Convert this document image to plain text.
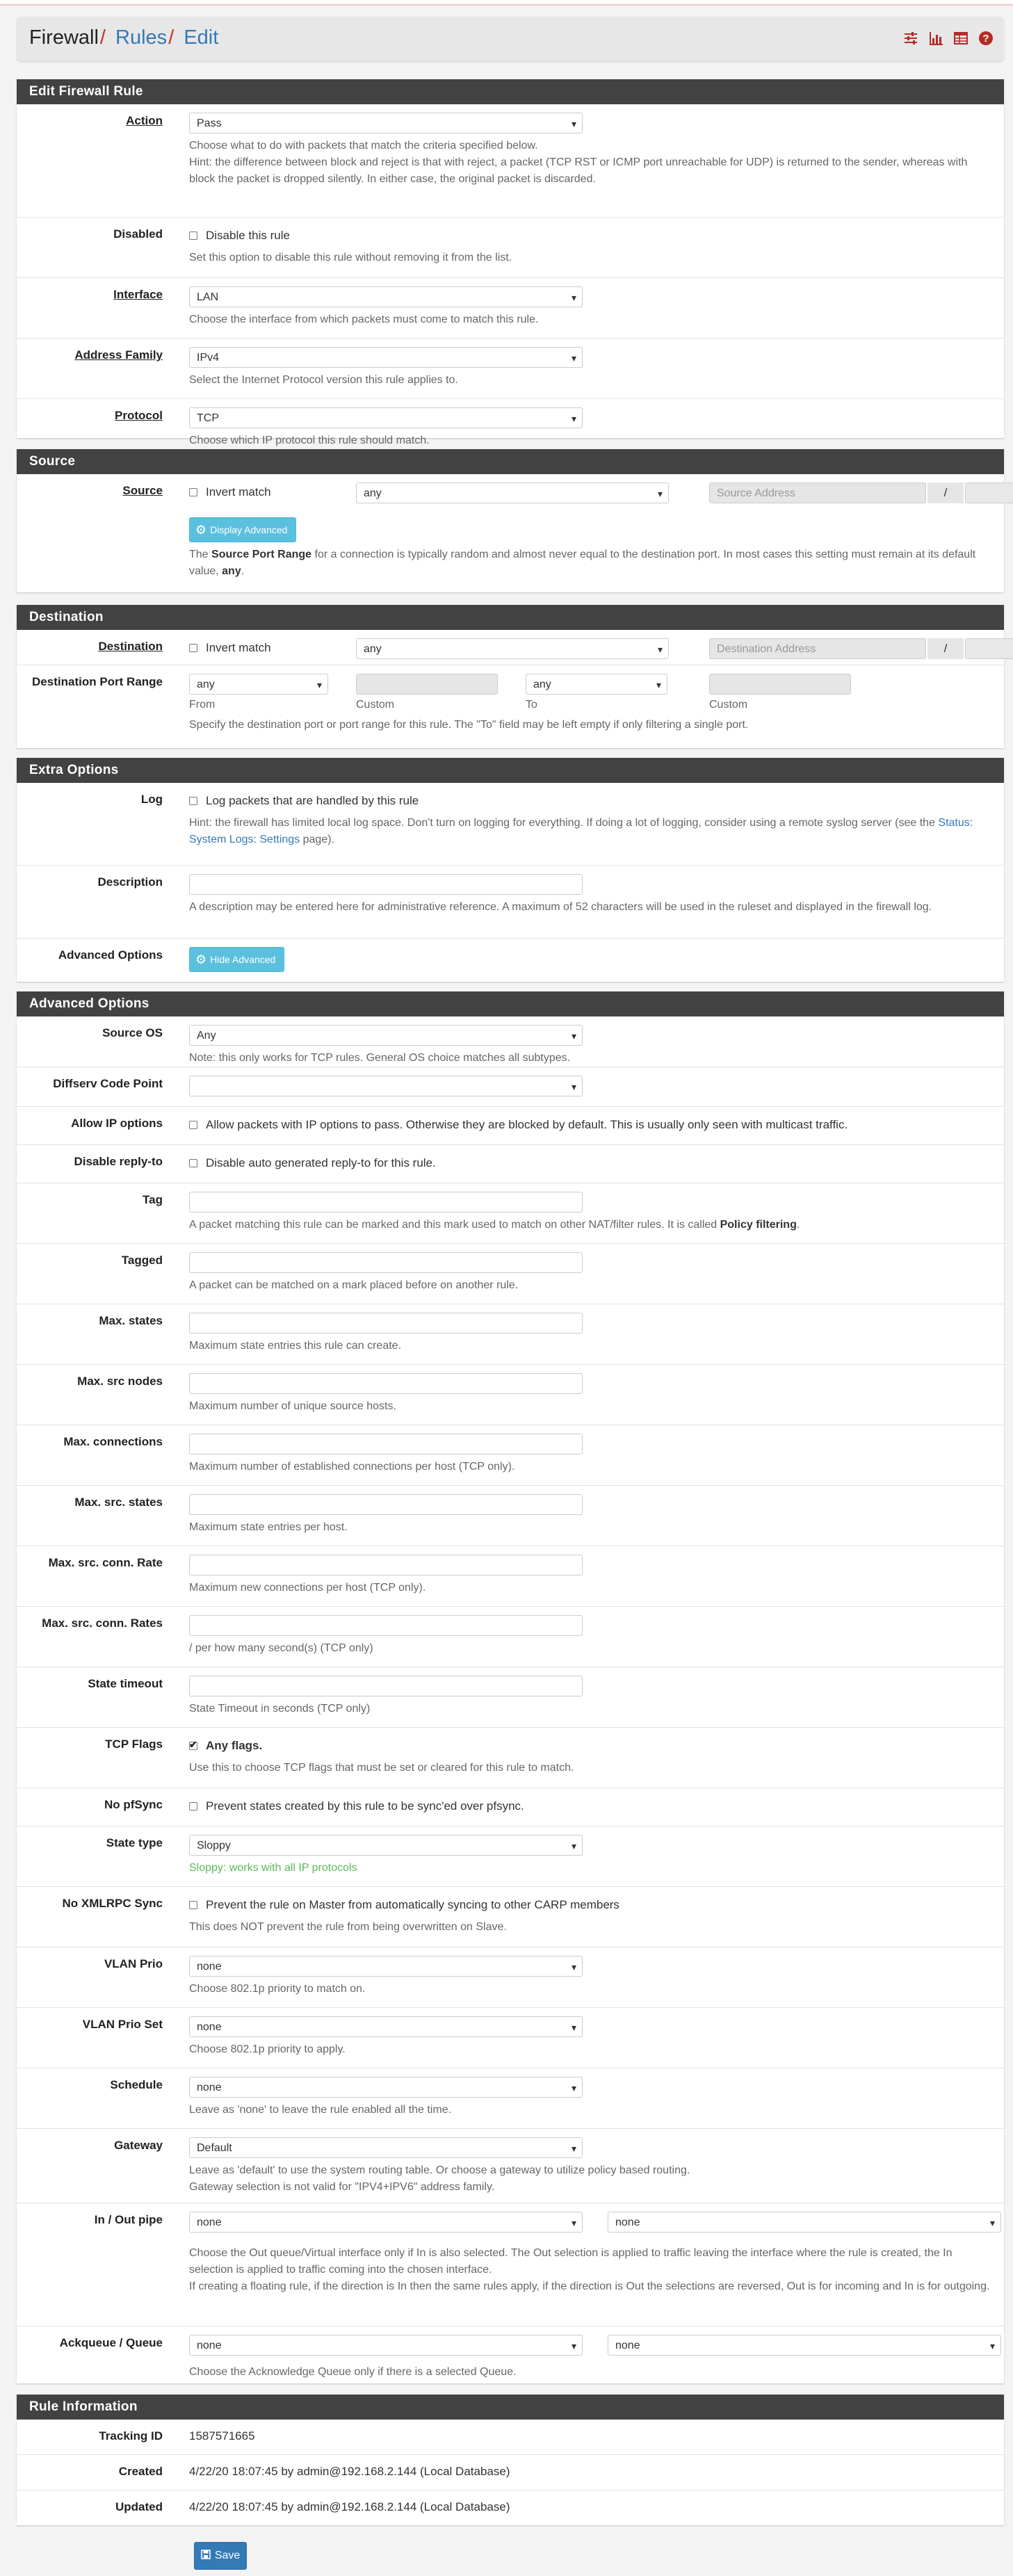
Firewall/ Rules/ Edit	?
Edit Firewall Rule
Action	Pass ▾
Choose what to do with packets that match the criteria specified below.
Hint: the difference between block and reject is that with reject, a packet (TCP RST or ICMP port unreachable for UDP) is returned to the sender, whereas with block the packet is dropped silently. In either case, the original packet is discarded.
Disabled	Disable this rule
Set this option to disable this rule without removing it from the list.
Interface	LAN ▾
Choose the interface from which packets must come to match this rule.
Address Family	IPv4 ▾
Select the Internet Protocol version this rule applies to.
Protocol	TCP ▾
Choose which IP protocol this rule should match.
Source
Source	Invert match	any ▾	Source Address	/
▾
⚙ Display Advanced
The Source Port Range for a connection is typically random and almost never equal to the destination port. In most cases this setting must remain at its default value, any.
Destination
Destination	Invert match	any ▾	Destination Address	/
▾
Destination Port Range	any ▾	any ▾
From	Custom	To	Custom
Specify the destination port or port range for this rule. The "To" field may be left empty if only filtering a single port.
Extra Options
Log	Log packets that are handled by this rule
Hint: the firewall has limited local log space. Don't turn on logging for everything. If doing a lot of logging, consider using a remote syslog server (see the Status: System Logs: Settings page).
Description
A description may be entered here for administrative reference. A maximum of 52 characters will be used in the ruleset and displayed in the firewall log.
Advanced Options	⚙ Hide Advanced
Advanced Options
Source OS	Any ▾
Note: this only works for TCP rules. General OS choice matches all subtypes.
Diffserv Code Point
▾
Allow IP options	Allow packets with IP options to pass. Otherwise they are blocked by default. This is usually only seen with multicast traffic.
Disable reply-to	Disable auto generated reply-to for this rule.
Tag
A packet matching this rule can be marked and this mark used to match on other NAT/filter rules. It is called Policy filtering.
Tagged
A packet can be matched on a mark placed before on another rule.
Max. states
Maximum state entries this rule can create.
Max. src nodes
Maximum number of unique source hosts.
Max. connections
Maximum number of established connections per host (TCP only).
Max. src. states
Maximum state entries per host.
Max. src. conn. Rate
Maximum new connections per host (TCP only).
Max. src. conn. Rates
/ per how many second(s) (TCP only)
State timeout
State Timeout in seconds (TCP only)
TCP Flags
✔	Any flags.
Use this to choose TCP flags that must be set or cleared for this rule to match.
No pfSync	Prevent states created by this rule to be sync'ed over pfsync.
State type	Sloppy ▾
Sloppy: works with all IP protocols
No XMLRPC Sync	Prevent the rule on Master from automatically syncing to other CARP members
This does NOT prevent the rule from being overwritten on Slave.
VLAN Prio	none ▾
Choose 802.1p priority to match on.
VLAN Prio Set	none ▾
Choose 802.1p priority to apply.
Schedule	none ▾
Leave as 'none' to leave the rule enabled all the time.
Gateway	Default ▾
Leave as 'default' to use the system routing table. Or choose a gateway to utilize policy based routing.
Gateway selection is not valid for "IPV4+IPV6" address family.
In / Out pipe	none ▾	none ▾
Choose the Out queue/Virtual interface only if In is also selected. The Out selection is applied to traffic leaving the interface where the rule is created, the In selection is applied to traffic coming into the chosen interface.
If creating a floating rule, if the direction is In then the same rules apply, if the direction is Out the selections are reversed, Out is for incoming and In is for outgoing.
Ackqueue / Queue	none ▾	none ▾
Choose the Acknowledge Queue only if there is a selected Queue.
Rule Information
Tracking ID 1587571665
Created 4/22/20 18:07:45 by admin@192.168.2.144 (Local Database)
Updated 4/22/20 18:07:45 by admin@192.168.2.144 (Local Database)
Save
